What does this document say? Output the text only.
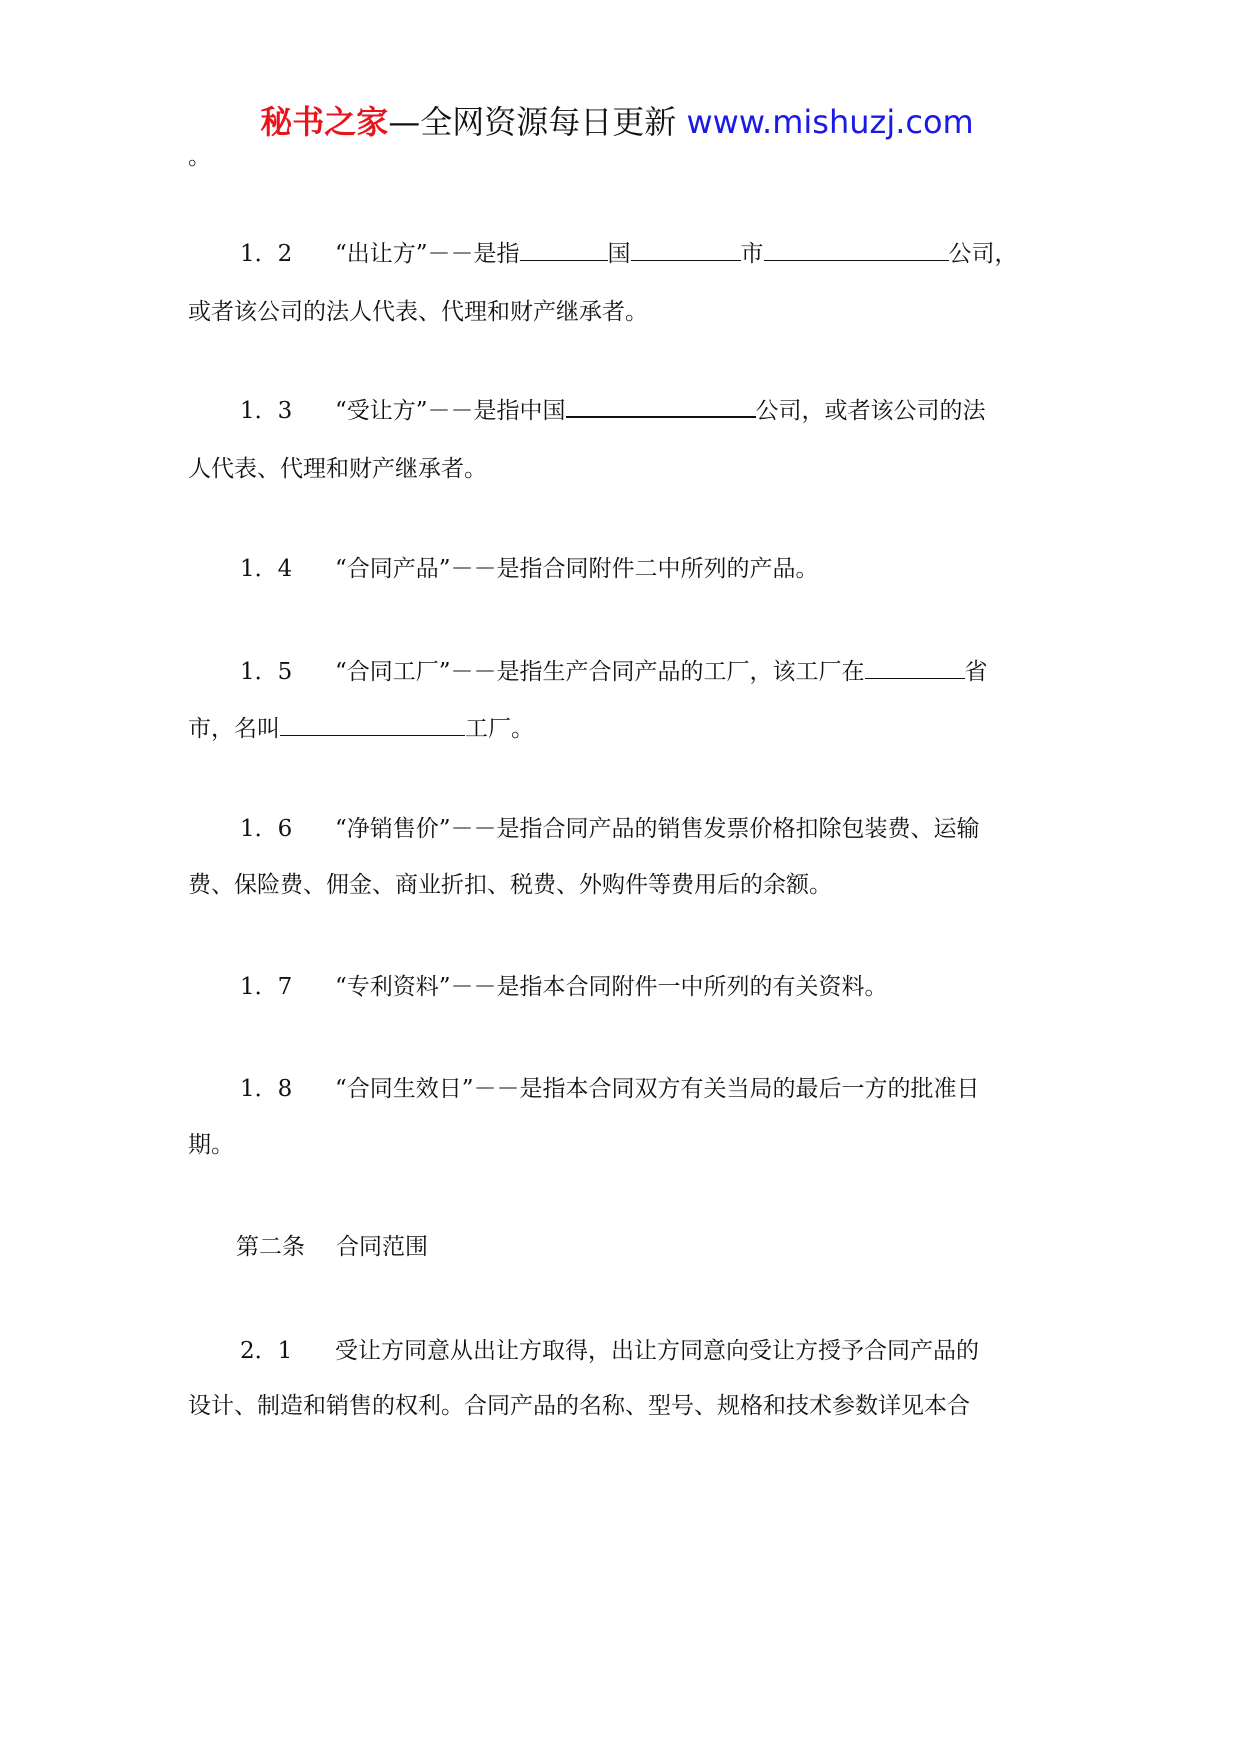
秘书之家—全网资源每日更新 www.mishuzj.com

。

1．2 “出让方”－－是指	国	市	公司，

或者该公司的法人代表、代理和财产继承者。

1．3 “受让方”－－是指中国	公司，或者该公司的法

人代表、代理和财产继承者。

1．4 “合同产品”－－是指合同附件二中所列的产品。

1．5 “合同工厂”－－是指生产合同产品的工厂，该工厂在	省

市，名叫	工厂。

1．6 “净销售价”－－是指合同产品的销售发票价格扣除包装费、运输

费、保险费、佣金、商业折扣、税费、外购件等费用后的余额。

1．7 “专利资料”－－是指本合同附件一中所列的有关资料。

1．8 “合同生效日”－－是指本合同双方有关当局的最后一方的批准日

期。

第二条 合同范围

2．1 受让方同意从出让方取得，出让方同意向受让方授予合同产品的

设计、制造和销售的权利。合同产品的名称、型号、规格和技术参数详见本合
